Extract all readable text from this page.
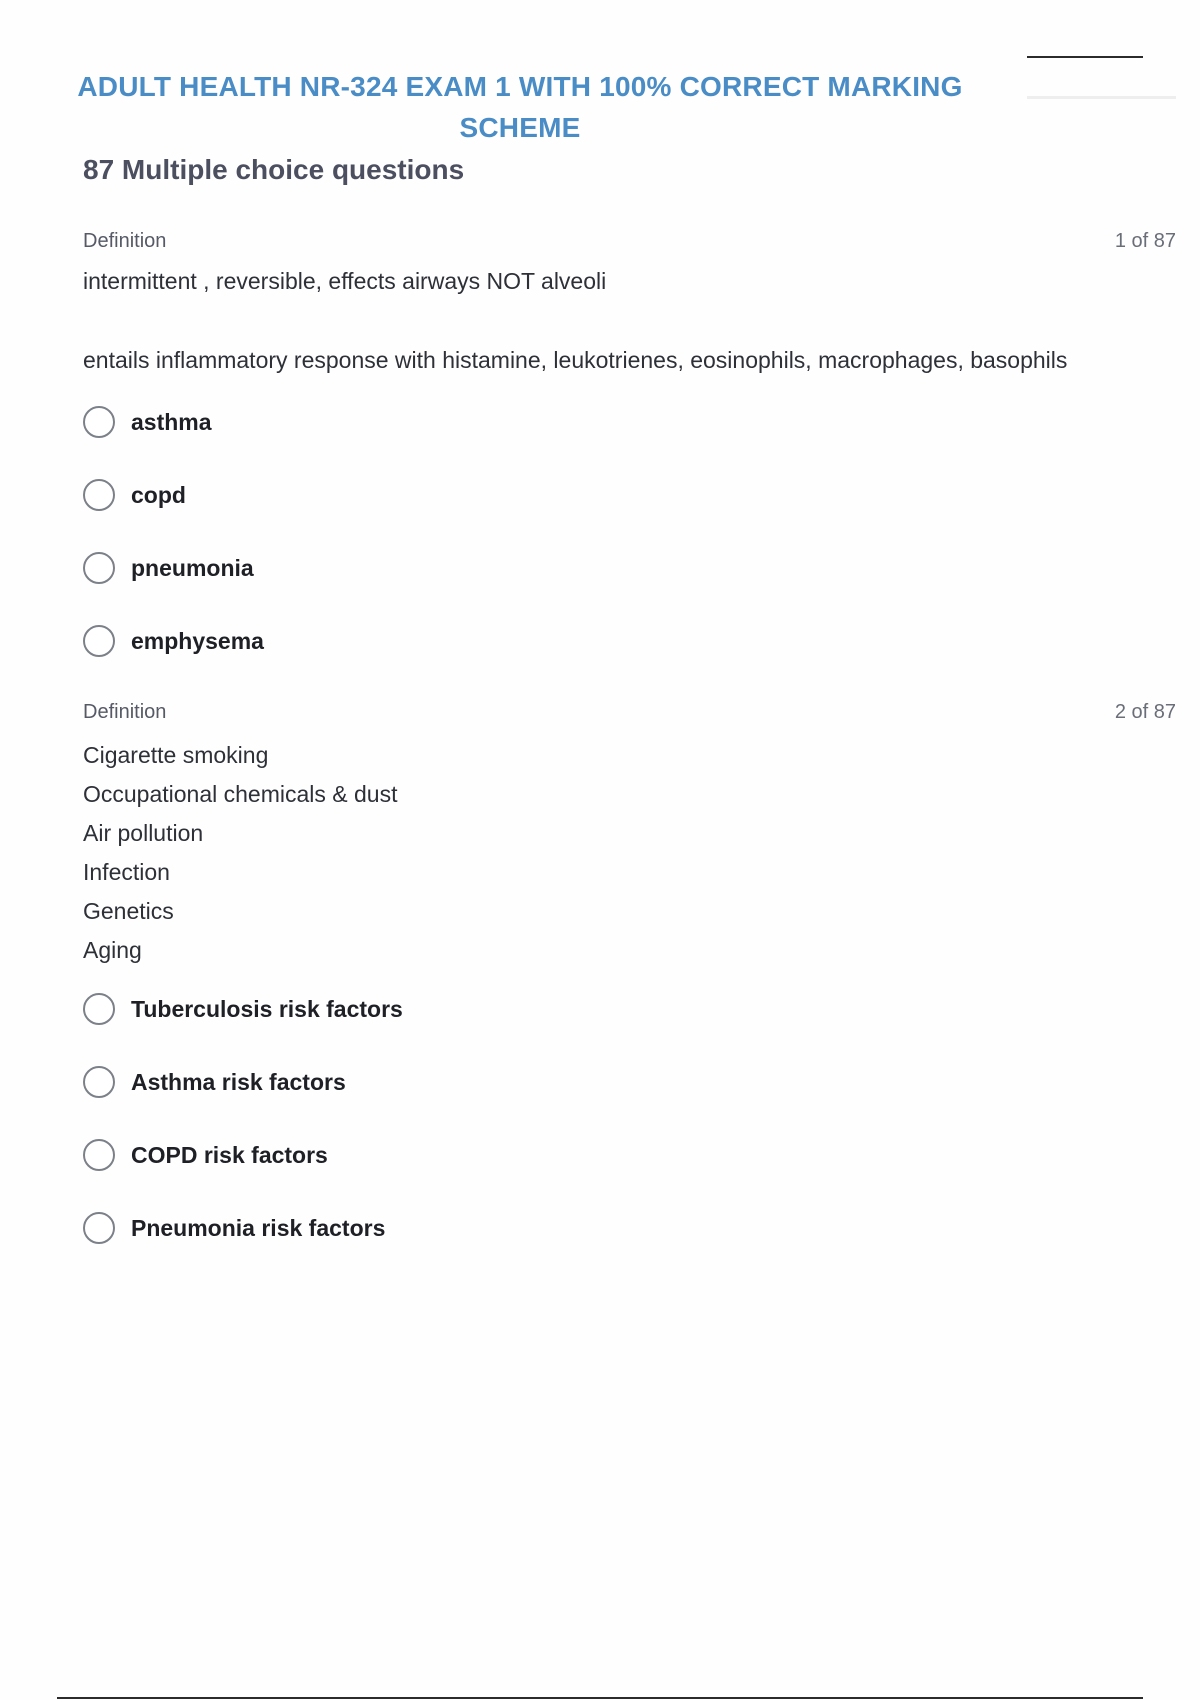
ADULT HEALTH NR-324 EXAM 1 WITH 100% CORRECT MARKING
SCHEME
87 Multiple choice questions
Definition	1 of 87
intermittent , reversible, effects airways NOT alveoli
entails inflammatory response with histamine, leukotrienes, eosinophils, macrophages, basophils
asthma
copd
pneumonia
emphysema
Definition	2 of 87
Cigarette smoking
Occupational chemicals & dust
Air pollution
Infection
Genetics
Aging
Tuberculosis risk factors
Asthma risk factors
COPD risk factors
Pneumonia risk factors
